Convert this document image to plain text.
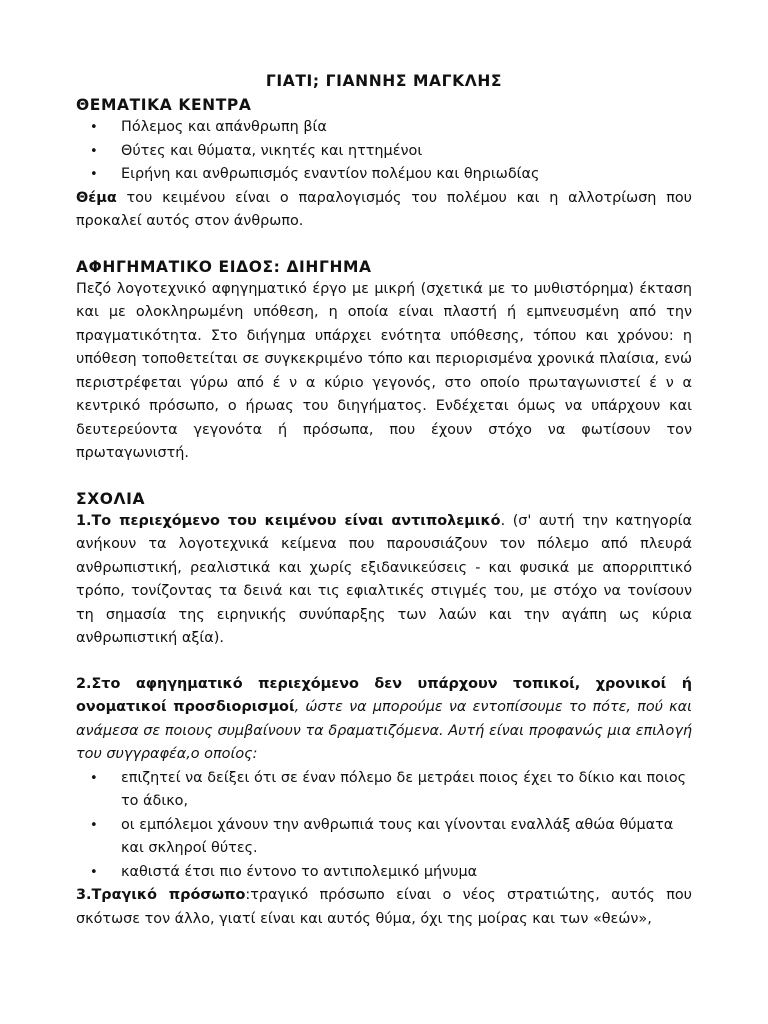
ΓΙΑΤΙ; ΓΙΑΝΝΗΣ ΜΑΓΚΛΗΣ
ΘΕΜΑΤΙΚΑ ΚΕΝΤΡΑ
• Πόλεμος και απάνθρωπη βία
• Θύτες και θύματα, νικητές και ηττημένοι
• Ειρήνη και ανθρωπισμός εναντίον πολέμου και θηριωδίας

Θέμα του κειμένου είναι ο παραλογισμός του πολέμου και η αλλοτρίωση που προκαλεί αυτός στον άνθρωπο.

ΑΦΗΓΗΜΑΤΙΚΟ ΕΙΔΟΣ: ΔΙΗΓΗΜΑ

Πεζό λογοτεχνικό αφηγηματικό έργο με μικρή (σχετικά με το μυθιστόρημα) έκταση και με ολοκληρωμένη υπόθεση, η οποία είναι πλαστή ή εμπνευσμένη από την πραγματικότητα. Στο διήγημα υπάρχει ενότητα υπόθεσης, τόπου και χρόνου: η υπόθεση τοποθετείται σε συγκεκριμένο τόπο και περιορισμένα χρονικά πλαίσια, ενώ περιστρέφεται γύρω από έ ν α κύριο γεγονός, στο οποίο πρωταγωνιστεί έ ν α κεντρικό πρόσωπο, ο ήρωας του διηγήματος. Ενδέχεται όμως να υπάρχουν και δευτερεύοντα γεγονότα ή πρόσωπα, που έχουν στόχο να φωτίσουν τον πρωταγωνιστή.

ΣΧΟΛΙΑ

1.Το περιεχόμενο του κειμένου είναι αντιπολεμικό. (σ' αυτή την κατηγορία ανήκουν τα λογοτεχνικά κείμενα που παρουσιάζουν τον πόλεμο από πλευρά ανθρωπιστική, ρεαλιστικά και χωρίς εξιδανικεύσεις - και φυσικά με απορριπτικό τρόπο, τονίζοντας τα δεινά και τις εφιαλτικές στιγμές του, με στόχο να τονίσουν τη σημασία της ειρηνικής συνύπαρξης των λαών και την αγάπη ως κύρια ανθρωπιστική αξία).

2.Στο αφηγηματικό περιεχόμενο δεν υπάρχουν τοπικοί, χρονικοί ή ονοματικοί προσδιορισμοί, ώστε να μπορούμε να εντοπίσουμε το πότε, πού και ανάμεσα σε ποιους συμβαίνουν τα δραματιζόμενα. Αυτή είναι προφανώς μια επιλογή του συγγραφέα,ο οποίος:

• επιζητεί να δείξει ότι σε έναν πόλεμο δε μετράει ποιος έχει το δίκιο και ποιος το άδικο,
• οι εμπόλεμοι χάνουν την ανθρωπιά τους και γίνονται εναλλάξ αθώα θύματα και σκληροί θύτες.
• καθιστά έτσι πιο έντονο το αντιπολεμικό μήνυμα

3.Τραγικό πρόσωπο:τραγικό πρόσωπο είναι ο νέος στρατιώτης, αυτός που σκότωσε τον άλλο, γιατί είναι και αυτός θύμα, όχι της μοίρας και των «θεών»,
